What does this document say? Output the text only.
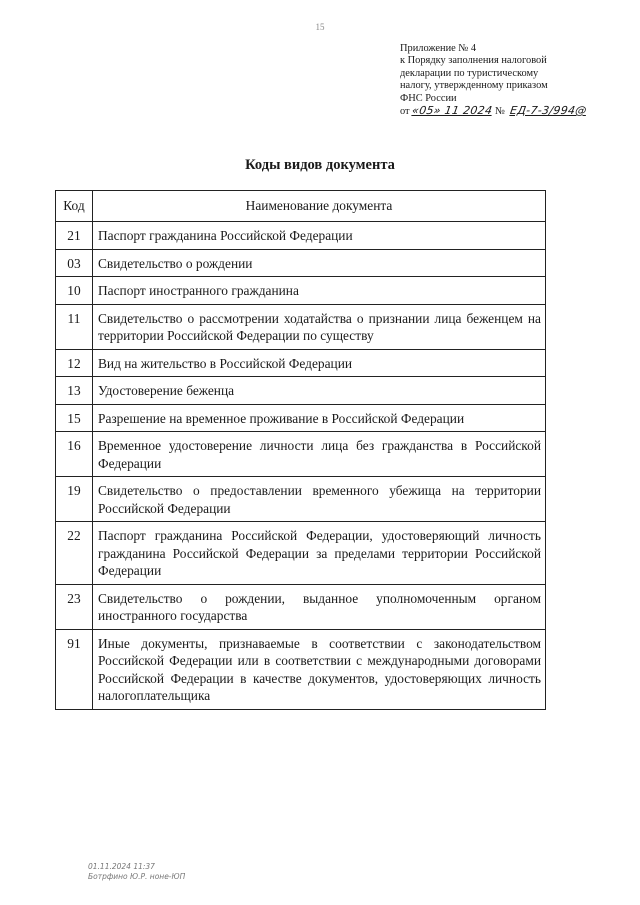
15
Приложение № 4
к Порядку заполнения налоговой
декларации по туристическому
налогу, утвержденному приказом
ФНС России
от «05» 11 2024 № ЕД-7-3/994@
Коды видов документа
Код	Наименование документа
21	Паспорт гражданина Российской Федерации
03	Свидетельство о рождении
10	Паспорт иностранного гражданина
11	Свидетельство о рассмотрении ходатайства о признании лица беженцем на территории Российской Федерации по существу
12	Вид на жительство в Российской Федерации
13	Удостоверение беженца
15	Разрешение на временное проживание в Российской Федерации
16	Временное удостоверение личности лица без гражданства в Российской Федерации
19	Свидетельство о предоставлении временного убежища на территории Российской Федерации
22	Паспорт гражданина Российской Федерации, удостоверяющий личность гражданина Российской Федерации за пределами территории Российской Федерации
23	Свидетельство о рождении, выданное уполномоченным органом иностранного государства
91	Иные документы, признаваемые в соответствии с законодательством Российской Федерации или в соответствии с международными договорами Российской Федерации в качестве документов, удостоверяющих личность налогоплательщика
01.11.2024 11:37
Ботрфино Ю.Р. ноне-ЮП
